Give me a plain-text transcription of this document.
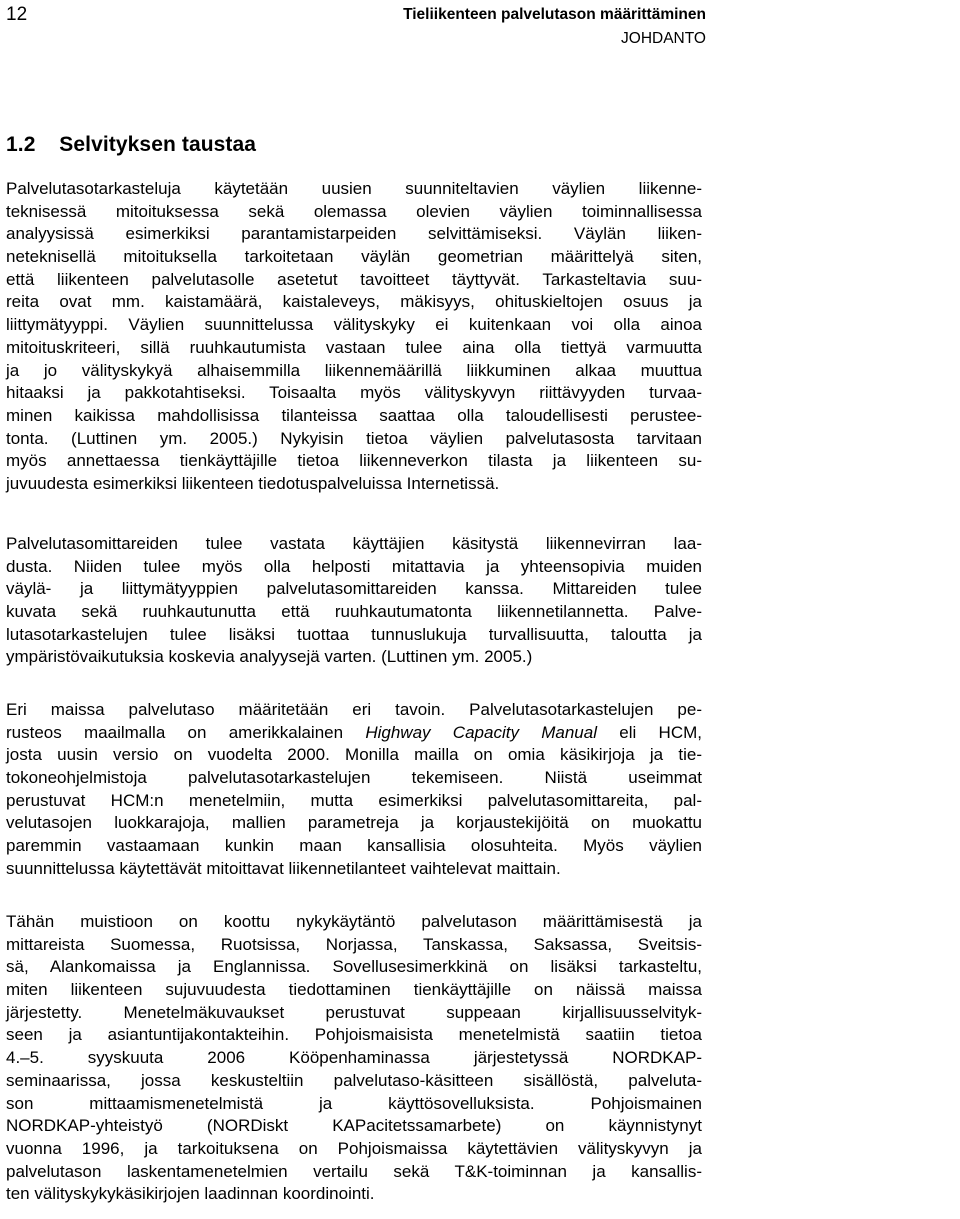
12	Tieliikenteen palvelutason määrittäminen
JOHDANTO
1.2 Selvityksen taustaa
Palvelutasotarkasteluja käytetään uusien suunniteltavien väylien liikenne-
teknisessä mitoituksessa sekä olemassa olevien väylien toiminnallisessa
analyysissä esimerkiksi parantamistarpeiden selvittämiseksi. Väylän liiken-
neteknisellä mitoituksella tarkoitetaan väylän geometrian määrittelyä siten,
että liikenteen palvelutasolle asetetut tavoitteet täyttyvät. Tarkasteltavia suu-
reita ovat mm. kaistamäärä, kaistaleveys, mäkisyys, ohituskieltojen osuus ja
liittymätyyppi. Väylien suunnittelussa välityskyky ei kuitenkaan voi olla ainoa
mitoituskriteeri, sillä ruuhkautumista vastaan tulee aina olla tiettyä varmuutta
ja jo välityskykyä alhaisemmilla liikennemäärillä liikkuminen alkaa muuttua
hitaaksi ja pakkotahtiseksi. Toisaalta myös välityskyvyn riittävyyden turvaa-
minen kaikissa mahdollisissa tilanteissa saattaa olla taloudellisesti perustee-
tonta. (Luttinen ym. 2005.) Nykyisin tietoa väylien palvelutasosta tarvitaan
myös annettaessa tienkäyttäjille tietoa liikenneverkon tilasta ja liikenteen su-
juvuudesta esimerkiksi liikenteen tiedotuspalveluissa Internetissä.
Palvelutasomittareiden tulee vastata käyttäjien käsitystä liikennevirran laa-
dusta. Niiden tulee myös olla helposti mitattavia ja yhteensopivia muiden
väylä- ja liittymätyyppien palvelutasomittareiden kanssa. Mittareiden tulee
kuvata sekä ruuhkautunutta että ruuhkautumatonta liikennetilannetta. Palve-
lutasotarkastelujen tulee lisäksi tuottaa tunnuslukuja turvallisuutta, taloutta ja
ympäristövaikutuksia koskevia analyysejä varten. (Luttinen ym. 2005.)
Eri maissa palvelutaso määritetään eri tavoin. Palvelutasotarkastelujen pe-
rusteos maailmalla on amerikkalainen Highway Capacity Manual eli HCM,
josta uusin versio on vuodelta 2000. Monilla mailla on omia käsikirjoja ja tie-
tokoneohjelmistoja palvelutasotarkastelujen tekemiseen. Niistä useimmat
perustuvat HCM:n menetelmiin, mutta esimerkiksi palvelutasomittareita, pal-
velutasojen luokkarajoja, mallien parametreja ja korjaustekijöitä on muokattu
paremmin vastaamaan kunkin maan kansallisia olosuhteita. Myös väylien
suunnittelussa käytettävät mitoittavat liikennetilanteet vaihtelevat maittain.
Tähän muistioon on koottu nykykäytäntö palvelutason määrittämisestä ja
mittareista Suomessa, Ruotsissa, Norjassa, Tanskassa, Saksassa, Sveitsis-
sä, Alankomaissa ja Englannissa. Sovellusesimerkkinä on lisäksi tarkasteltu,
miten liikenteen sujuvuudesta tiedottaminen tienkäyttäjille on näissä maissa
järjestetty. Menetelmäkuvaukset perustuvat suppeaan kirjallisuusselvityk-
seen ja asiantuntijakontakteihin. Pohjoismaisista menetelmistä saatiin tietoa
4.–5. syyskuuta 2006 Kööpenhaminassa järjestetyssä NORDKAP-
seminaarissa, jossa keskusteltiin palvelutaso-käsitteen sisällöstä, palveluta-
son mittaamismenetelmistä ja käyttösovelluksista. Pohjoismainen
NORDKAP-yhteistyö (NORDiskt KAPacitetssamarbete) on käynnistynyt
vuonna 1996, ja tarkoituksena on Pohjoismaissa käytettävien välityskyvyn ja
palvelutason laskentamenetelmien vertailu sekä T&K-toiminnan ja kansallis-
ten välityskykykäsikirjojen laadinnan koordinointi.
